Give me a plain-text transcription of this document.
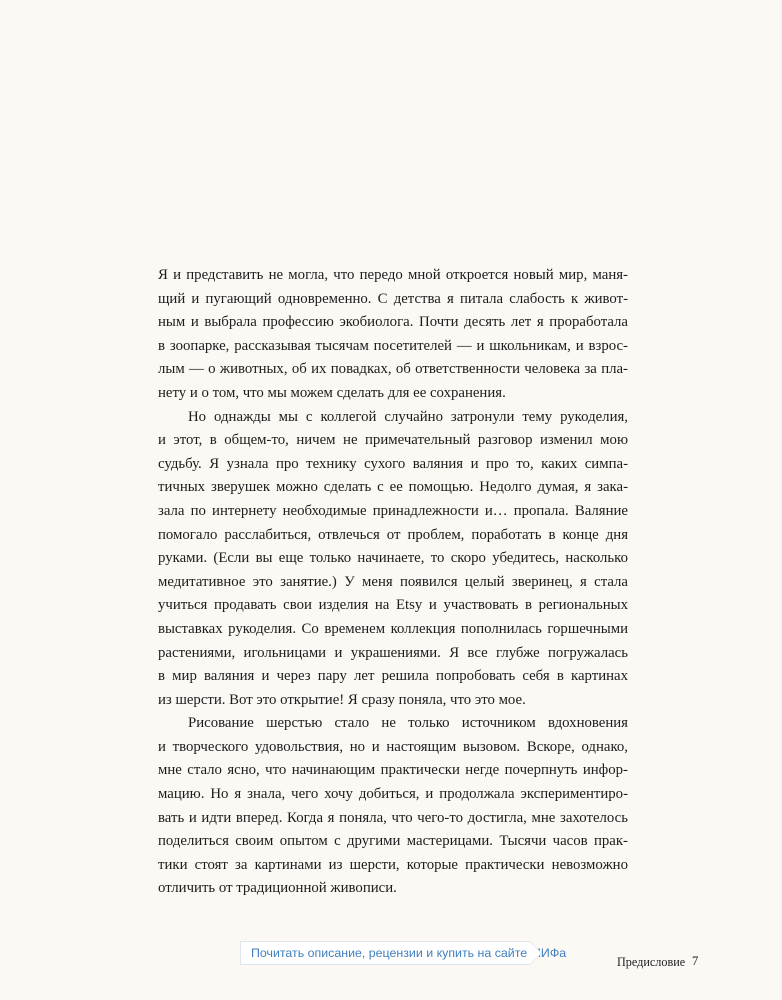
Я и представить не могла, что передо мной откроется новый мир, маня-
щий и пугающий одновременно. С детства я питала слабость к живот-
ным и выбрала профессию экобиолога. Почти десять лет я проработала
в зоопарке, рассказывая тысячам посетителей — и школьникам, и взрос-
лым — о животных, об их повадках, об ответственности человека за пла-
нету и о том, что мы можем сделать для ее сохранения.
Но однажды мы с коллегой случайно затронули тему рукоделия,
и этот, в общем-то, ничем не примечательный разговор изменил мою
судьбу. Я узнала про технику сухого валяния и про то, каких симпа-
тичных зверушек можно сделать с ее помощью. Недолго думая, я зака-
зала по интернету необходимые принадлежности и… пропала. Валяние
помогало расслабиться, отвлечься от проблем, поработать в конце дня
руками. (Если вы еще только начинаете, то скоро убедитесь, насколько
медитативное это занятие.) У меня появился целый зверинец, я стала
учиться продавать свои изделия на Etsy и участвовать в региональных
выставках рукоделия. Со временем коллекция пополнилась горшечными
растениями, игольницами и украшениями. Я все глубже погружалась
в мир валяния и через пару лет решила попробовать себя в картинах
из шерсти. Вот это открытие! Я сразу поняла, что это мое.
Рисование шерстью стало не только источником вдохновения
и творческого удовольствия, но и настоящим вызовом. Вскоре, однако,
мне стало ясно, что начинающим практически негде почерпнуть инфор-
мацию. Но я знала, чего хочу добиться, и продолжала экспериментиро-
вать и идти вперед. Когда я поняла, что чего-то достигла, мне захотелось
поделиться своим опытом с другими мастерицами. Тысячи часов прак-
тики стоят за картинами из шерсти, которые практически невозможно
отличить от традиционной живописи.
Почитать описание, рецензии и купить на сайте МИФа
Предисловие 7
